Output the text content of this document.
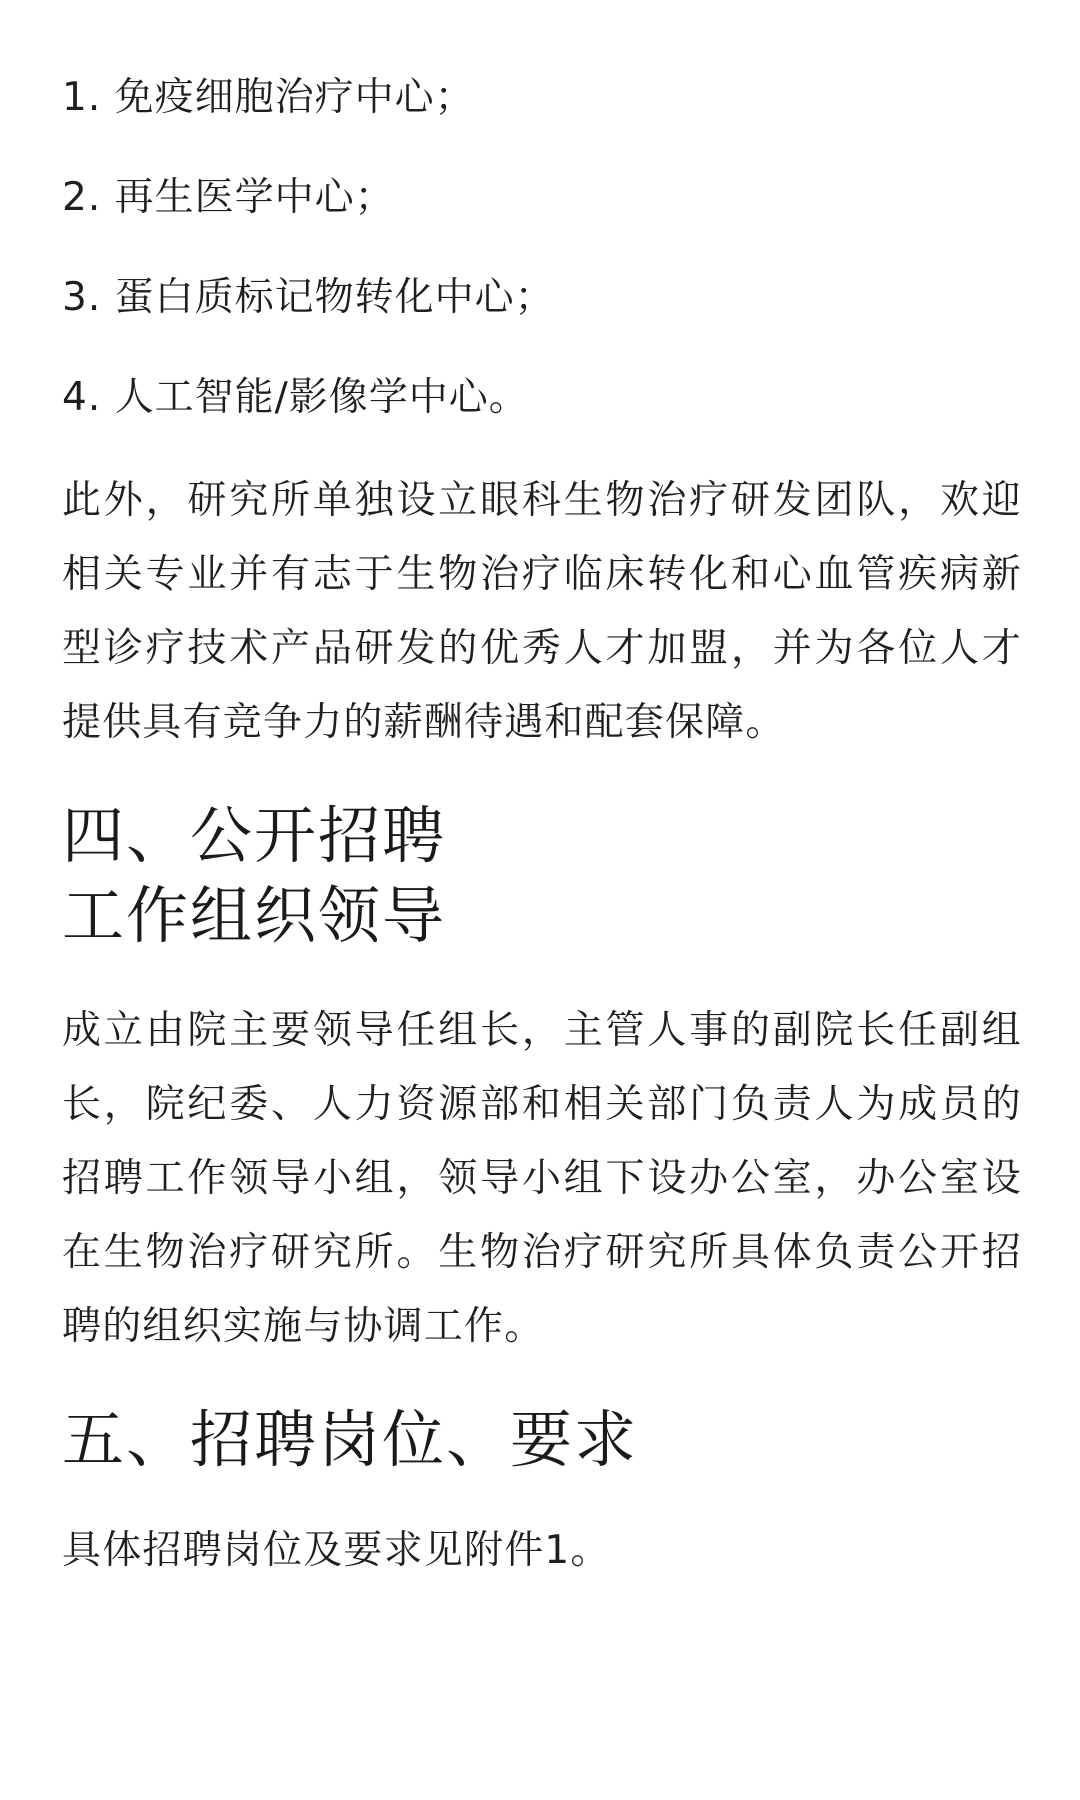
1. 免疫细胞治疗中心；
2. 再生医学中心；
3. 蛋白质标记物转化中心；
4. 人工智能/影像学中心。

此外，研究所单独设立眼科生物治疗研发团队，欢迎相关专业并有志于生物治疗临床转化和心血管疾病新型诊疗技术产品研发的优秀人才加盟，并为各位人才提供具有竞争力的薪酬待遇和配套保障。

四、公开招聘
工作组织领导

成立由院主要领导任组长，主管人事的副院长任副组长，院纪委、人力资源部和相关部门负责人为成员的招聘工作领导小组，领导小组下设办公室，办公室设在生物治疗研究所。生物治疗研究所具体负责公开招聘的组织实施与协调工作。

五、招聘岗位、要求

具体招聘岗位及要求见附件1。
